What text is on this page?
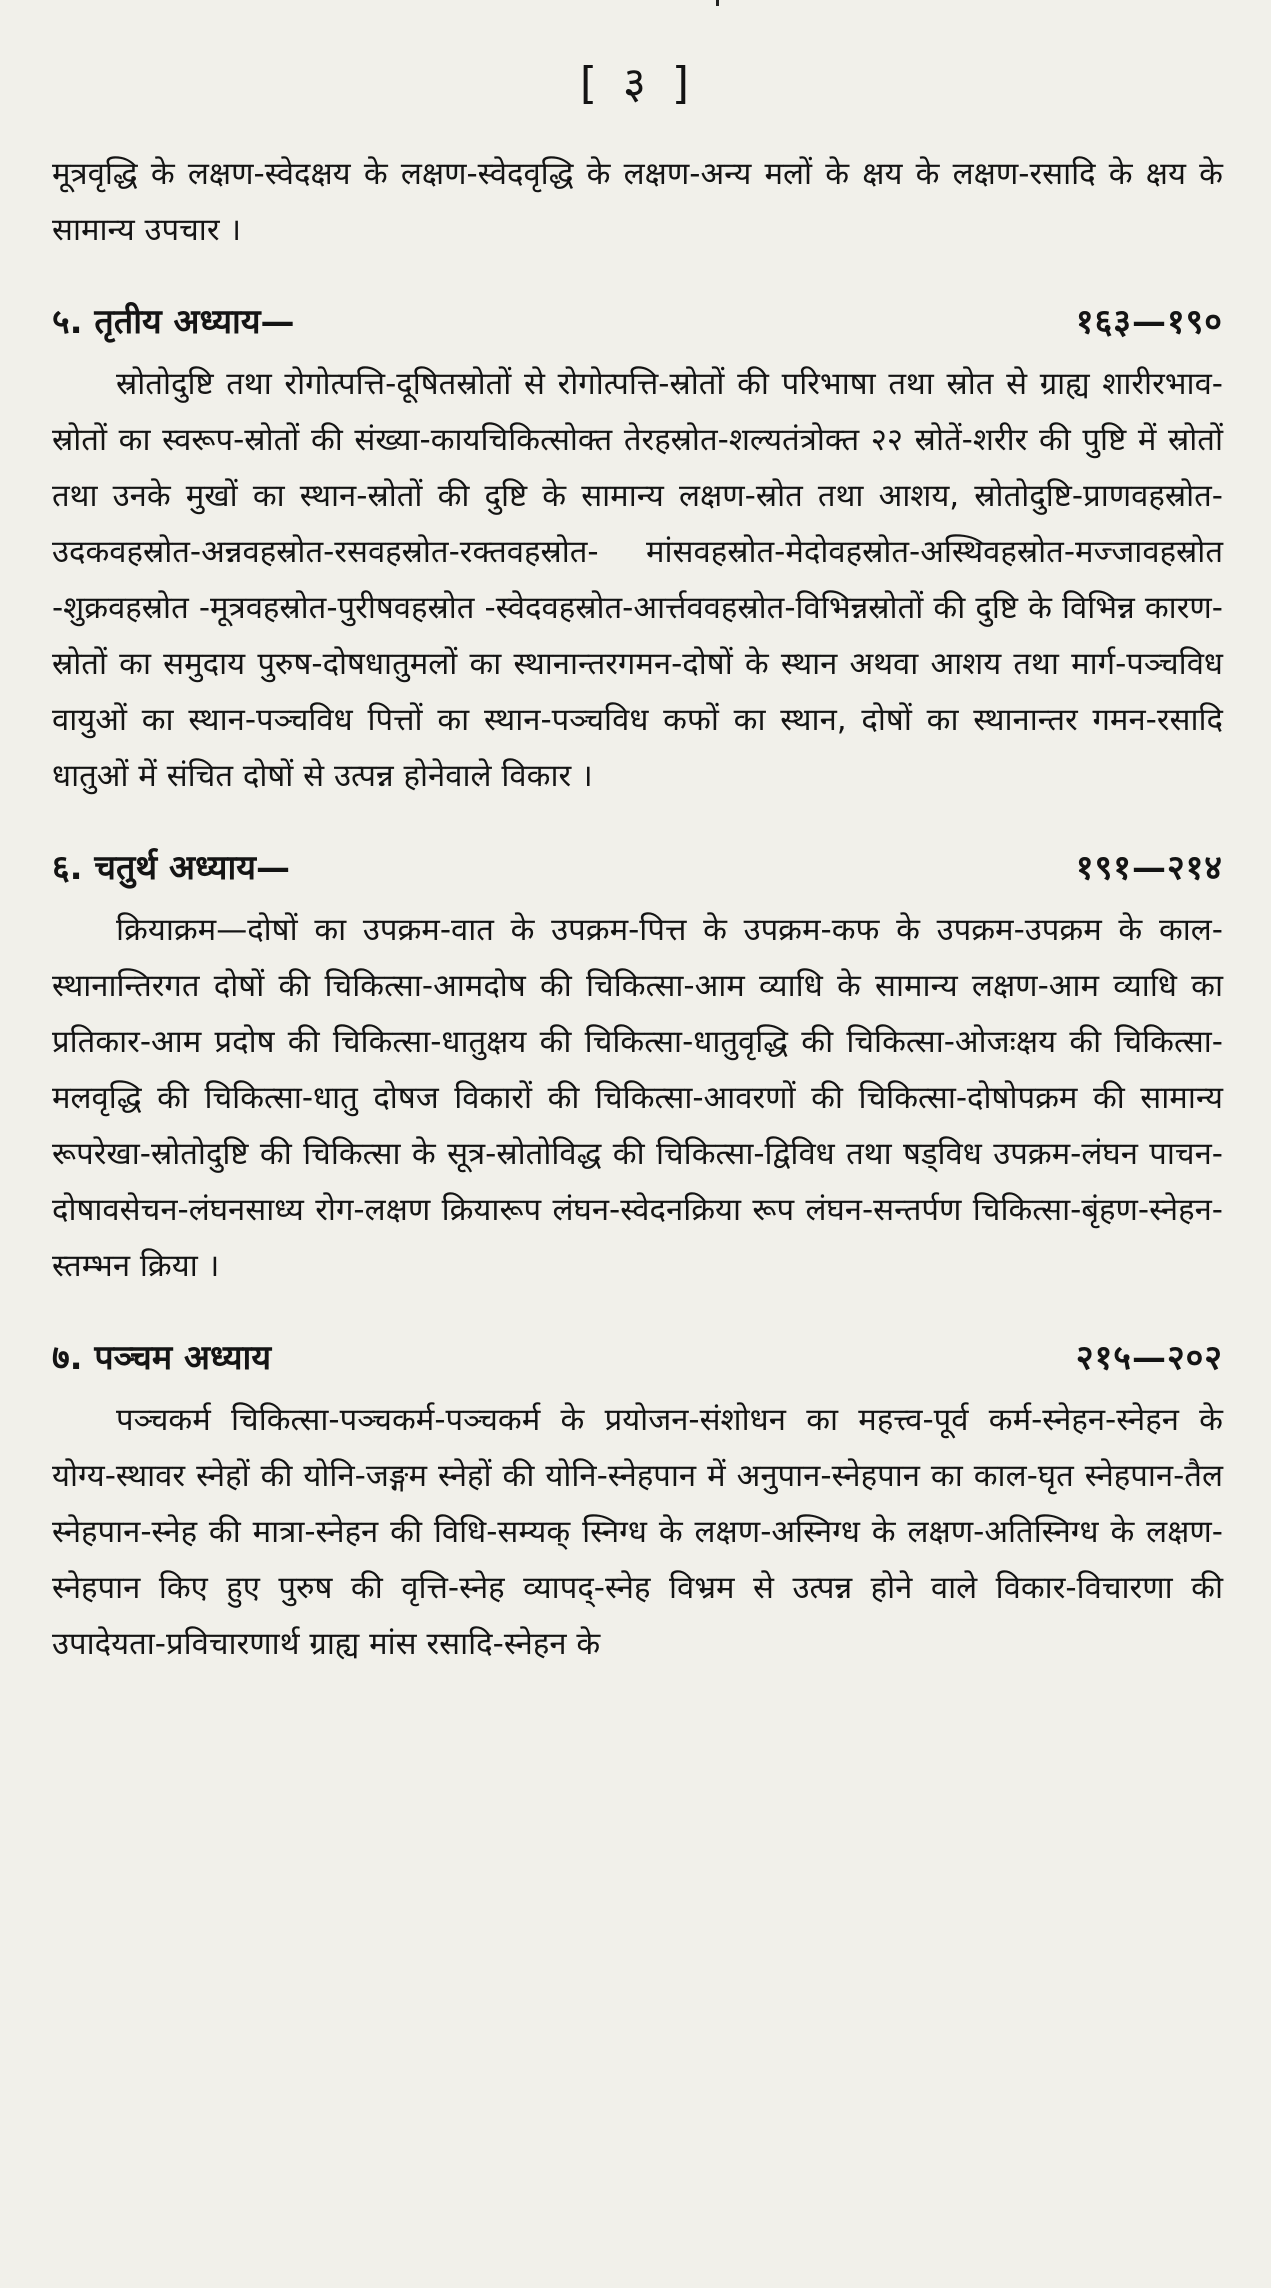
[ ३ ]
मूत्रवृद्धि के लक्षण-स्वेदक्षय के लक्षण-स्वेदवृद्धि के लक्षण-अन्य मलों के क्षय के लक्षण-रसादि के क्षय के सामान्य उपचार ।
५. तृतीय अध्याय—	१६३—१९०
स्रोतोदुष्टि तथा रोगोत्पत्ति-दूषितस्रोतों से रोगोत्पत्ति-स्रोतों की परिभाषा तथा स्रोत से ग्राह्य शारीरभाव-स्रोतों का स्वरूप-स्रोतों की संख्या-कायचिकित्सोक्त तेरहस्रोत-शल्यतंत्रोक्त २२ स्रोतें-शरीर की पुष्टि में स्रोतों तथा उनके मुखों का स्थान-स्रोतों की दुष्टि के सामान्य लक्षण-स्रोत तथा आशय, स्रोतोदुष्टि-प्राणवहस्रोत-उदकवहस्रोत-अन्नवहस्रोत-रसवहस्रोत-रक्तवहस्रोत- मांसवहस्रोत-मेदोवहस्रोत-अस्थिवहस्रोत-मज्जावहस्रोत -शुक्रवहस्रोत -मूत्रवहस्रोत-पुरीषवहस्रोत -स्वेदवहस्रोत-आर्त्तववहस्रोत-विभिन्नस्रोतों की दुष्टि के विभिन्न कारण-स्रोतों का समुदाय पुरुष-दोषधातुमलों का स्थानान्तरगमन-दोषों के स्थान अथवा आशय तथा मार्ग-पञ्चविध वायुओं का स्थान-पञ्चविध पित्तों का स्थान-पञ्चविध कफों का स्थान, दोषों का स्थानान्तर गमन-रसादि धातुओं में संचित दोषों से उत्पन्न होनेवाले विकार ।
६. चतुर्थ अध्याय—	१९१—२१४
क्रियाक्रम—दोषों का उपक्रम-वात के उपक्रम-पित्त के उपक्रम-कफ के उपक्रम-उपक्रम के काल-स्थानान्तिरगत दोषों की चिकित्सा-आमदोष की चिकित्सा-आम व्याधि के सामान्य लक्षण-आम व्याधि का प्रतिकार-आम प्रदोष की चिकित्सा-धातुक्षय की चिकित्सा-धातुवृद्धि की चिकित्सा-ओजःक्षय की चिकित्सा-मलवृद्धि की चिकित्सा-धातु दोषज विकारों की चिकित्सा-आवरणों की चिकित्सा-दोषोपक्रम की सामान्य रूपरेखा-स्रोतोदुष्टि की चिकित्सा के सूत्र-स्रोतोविद्ध की चिकित्सा-द्विविध तथा षड्विध उपक्रम-लंघन पाचन-दोषावसेचन-लंघनसाध्य रोग-लक्षण क्रियारूप लंघन-स्वेदनक्रिया रूप लंघन-सन्तर्पण चिकित्सा-बृंहण-स्नेहन-स्तम्भन क्रिया ।
७. पञ्चम अध्याय	२१५—२०२
पञ्चकर्म चिकित्सा-पञ्चकर्म-पञ्चकर्म के प्रयोजन-संशोधन का महत्त्व-पूर्व कर्म-स्नेहन-स्नेहन के योग्य-स्थावर स्नेहों की योनि-जङ्गम स्नेहों की योनि-स्नेहपान में अनुपान-स्नेहपान का काल-घृत स्नेहपान-तैल स्नेहपान-स्नेह की मात्रा-स्नेहन की विधि-सम्यक् स्निग्ध के लक्षण-अस्निग्ध के लक्षण-अतिस्निग्ध के लक्षण-स्नेहपान किए हुए पुरुष की वृत्ति-स्नेह व्यापद्-स्नेह विभ्रम से उत्पन्न होने वाले विकार-विचारणा की उपादेयता-प्रविचारणार्थ ग्राह्य मांस रसादि-स्नेहन के
